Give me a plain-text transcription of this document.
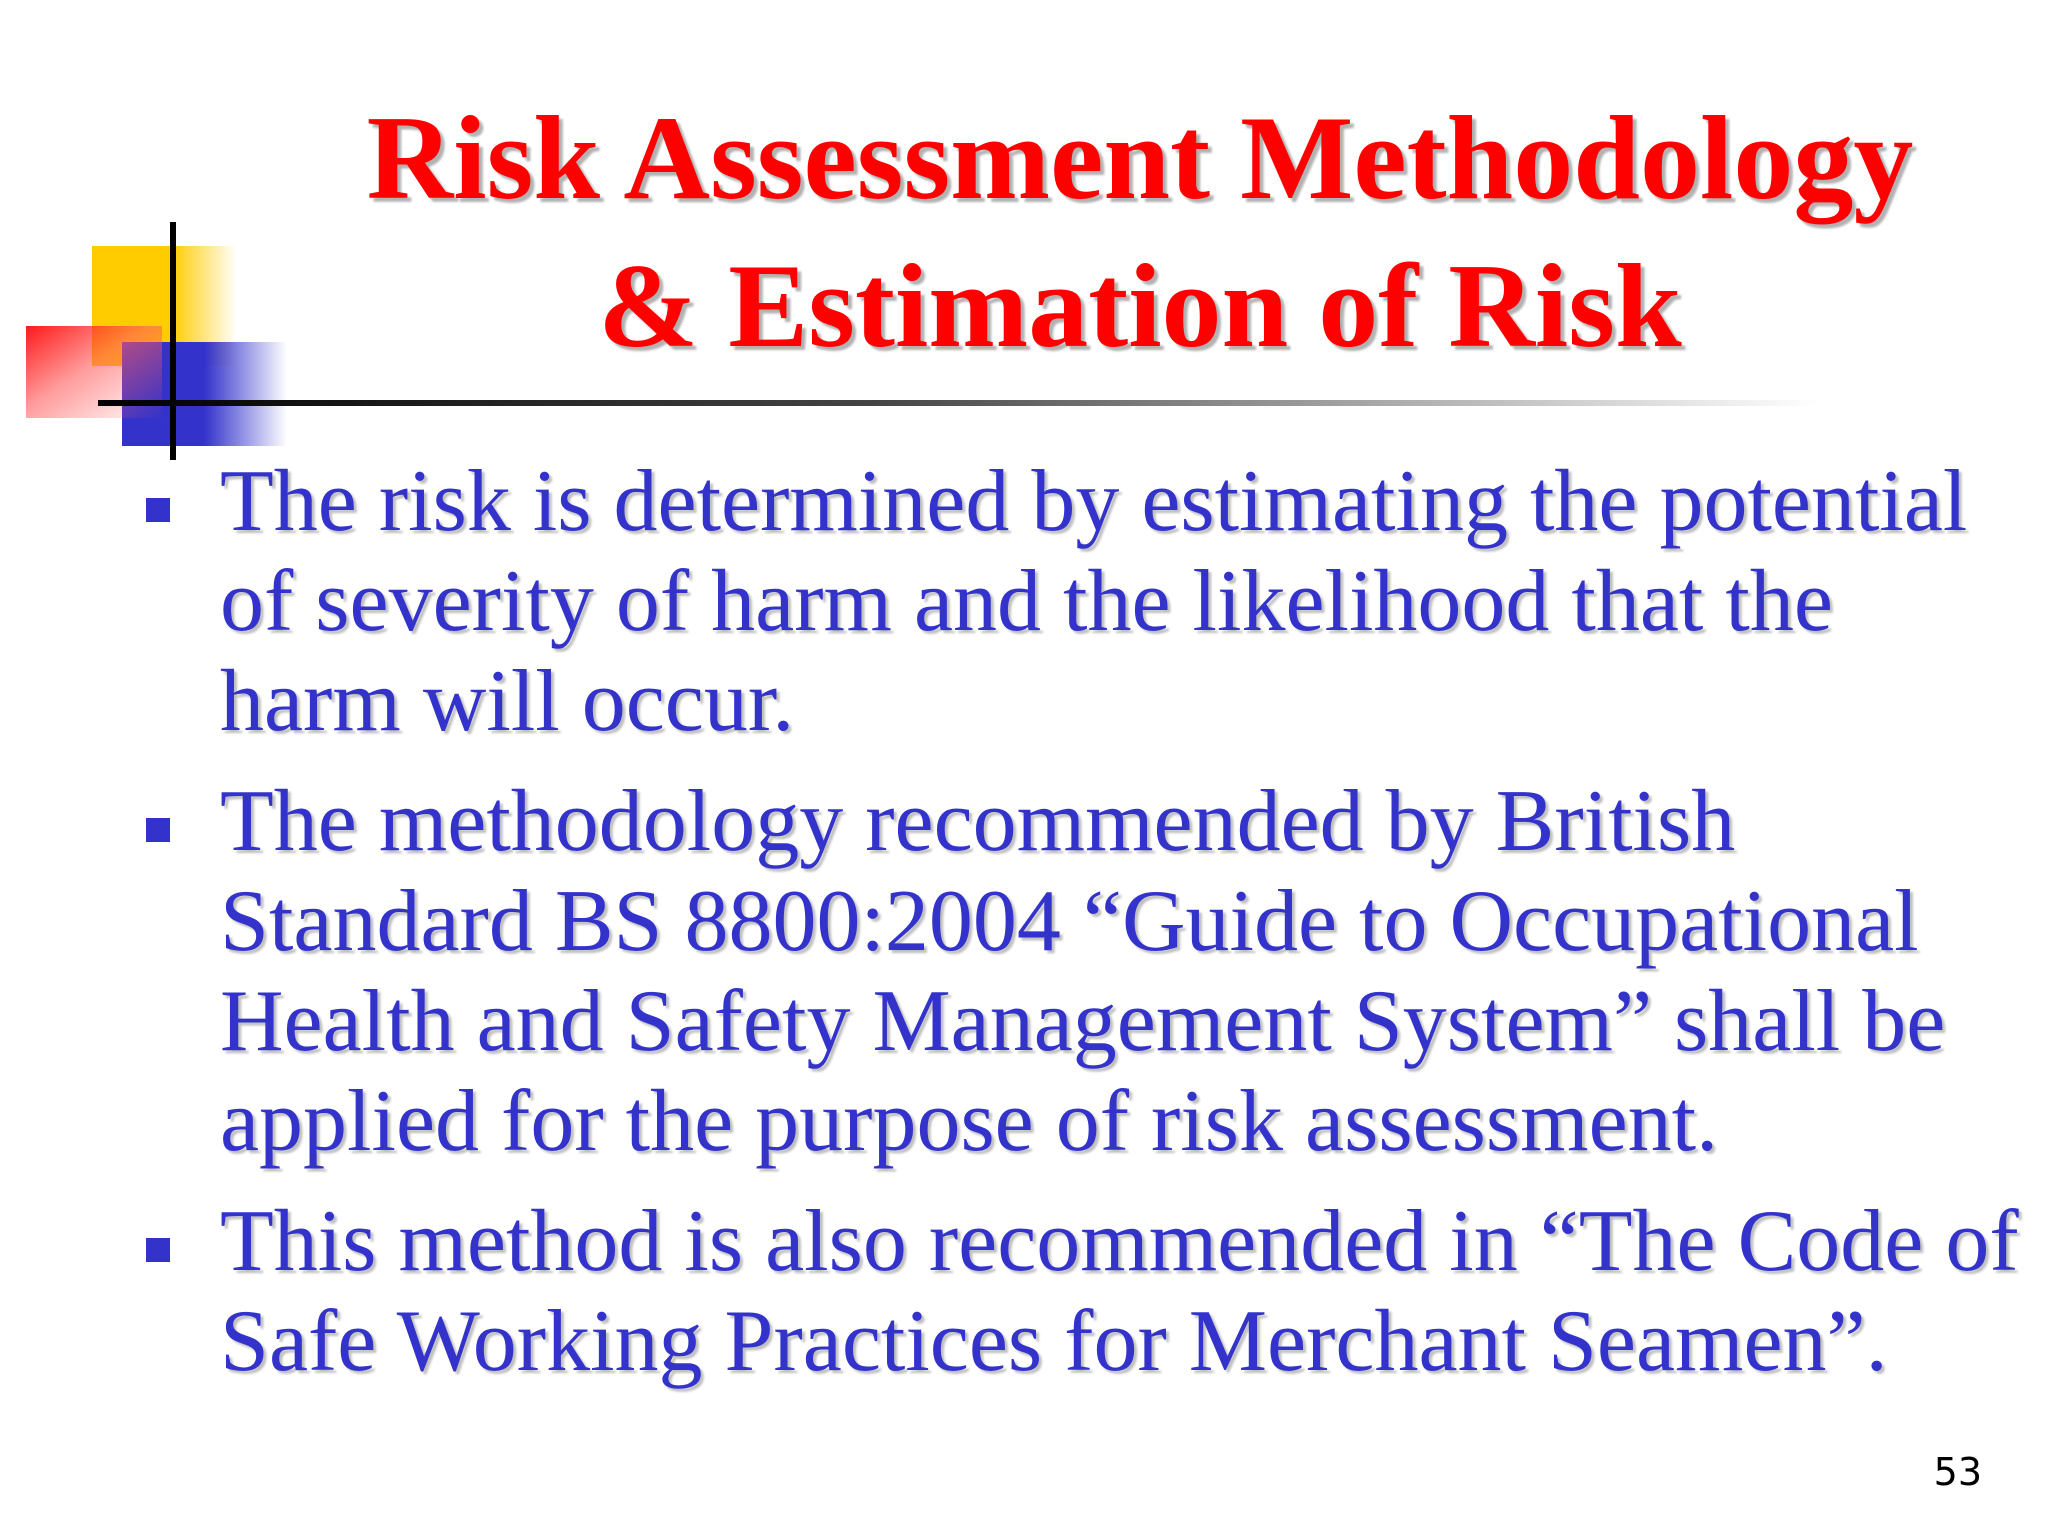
Risk Assessment Methodology
& Estimation of Risk
The risk is determined by estimating the potential of severity of harm and the likelihood that the harm will occur.
The methodology recommended by British Standard BS 8800:2004 “Guide to Occupational Health and Safety Management System” shall be applied for the purpose of risk assessment.
This method is also recommended in “The Code of Safe Working Practices for Merchant Seamen”.
53
